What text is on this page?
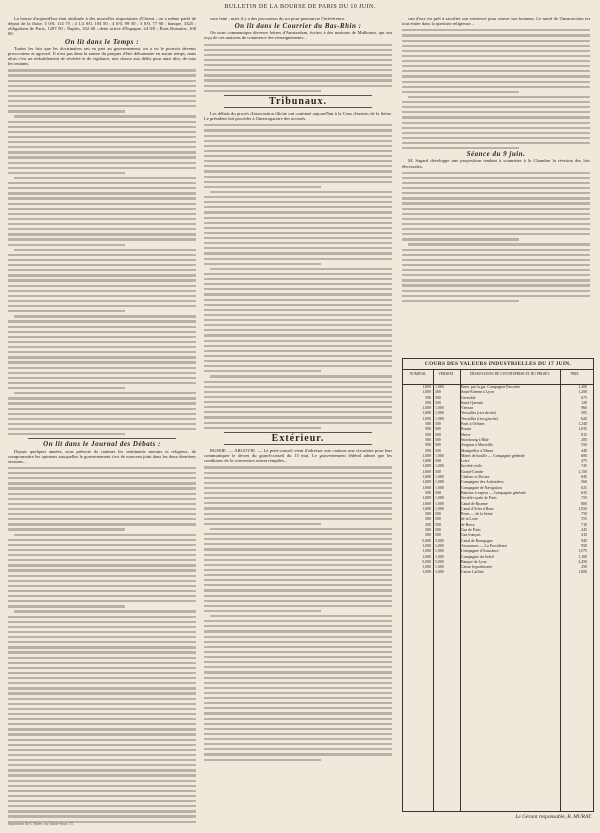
BULLETIN DE LA BOURSE DE PARIS DU 10 JUIN.

La baisse d'aujourd'hui était attribuée à des nouvelles importantes d'Orient ; on a même parlé de départ de la flotte. 5 0/0, 114 75 ; 4 1/2 0/0, 104 50 ; 4 0/0, 99 50 ; 3 0/0, 77 90 ; banque, 3325 ; obligations de Paris, 1297 50 ; Naples, 102 60 ; dette active d'Espagne, 24 0/0 ; États Romains, 100 00.

On lit dans le Temps :

Toutes les fois que les doctrinaires ont eu part au gouvernement, on a vu le pouvoir devenir provocateur et agressif. Il n'est pas dans la nature du parquet d'être débonnaire en aucun temps, mais alors c'est un redoublement de sévérité et de vigilance, une chasse aux délits pour ainsi dire, de tous les instants.

On lit dans le Journal des Débats :

Depuis quelques années, sous prétexte de ranimer les sentiments moraux et religieux, de compromettre les opinions auxquelles le gouvernement s'est de nouveau joint dans les deux dernières sessions...

cure faite ; mais il y a des procureurs du roi pour poursuivre l'irrévérence.

On lit dans le Courrier du Bas-Rhin :

On nous communique diverses lettres d'Amsterdam, écrites à des maisons de Mulhouse, qui ont reçu de ces maisons de commerce des renseignements...

Tribunaux.

Les débats du procès d'association illicite ont continué aujourd'hui à la Cour d'assises de la Seine. Le président fait procéder à l'interrogatoire des accusés.

Extérieur.

RUSSIE. — ARGOVIE. — Le petit-conseil vient d'adresser aux cantons une circulaire pour leur communiquer le décret du grand-conseil du 13 mai. Le gouvernement fédéral admet que les conditions de la convention seront remplies...

cun d'eux est prêt à sacrifier son existence pour sauver son honneur. Le motif de l'insurrection est tout entier dans la question religieuse...

Séance du 9 juin.

M. Sagard développe une proposition tendant à soumettre à la Chambre la révision des lois électorales.

COURS DES VALEURS INDUSTRIELLES DU 17 JUIN.
NOMINAL	VERSEM.	DÉSIGNATION DE L'ENTREPRISE ET DU PROJET.	PRIX.
1,000 1,000	Emis. par la gar. Compagnie Parroche	1,200
1,000 300	Saint-Etienne à Lyon	1,200
500 500	Grenoble	675
500 500	Saint-Quentin	120
1,000 1,000	Vierzon	960
1,000 1,000	Versailles (rive droite)	505
1,000 1,000	Versailles (rive gauche)	620
500 500	Paris à Orléans	1,240
500 500	Rouen	1,035
500 500	Havre	815
500 500	Strasbourg à Bâle	285
500 500	Avignon à Marseille	550
500 350	Montpellier à Nîmes	440
1,000 1,000	Mines de houille — Compagnie générale	600
1,000 500	Loire	475
1,000 1,000	Société civile	745
1,000 500	Grand-Combe	1,150
1,000 1,000	Chalons et Decize	845
1,000 1,000	Compagnie des Ardoisières	560
1,000 1,000	Compagnie de Navigation	625
500 500	Bateaux à vapeur — Compagnie générale	635
1,000 1,000	Société royale de Paris	755
1,000 1,000	Canal de Roanne	800
1,000 1,000	Canal d'Arles à Bouc	1,050
500 500	Ponts — de la Seine	750
500 500	de la Loire	555
500 500	de Bercy	710
500 500	Gaz de Paris	245
500 500	Gaz français	410
5,000 5,000	Canal de Bourgogne	945
1,000 1,000	Assurances — La Providence	950
1,000 1,000	Compagnie d'Assurance	1,075
1,000 1,000	Compagnie du Soleil	1,100
5,000 5,000	Banque de Lyon	2,450
1,000 1,000	Caisse hypothécaire	250
1,000 1,000	Caisse Laffitte	1,000
Le Gérant responsable, B. MURAT.
Imprimerie de E. Brière, rue Sainte-Anne, 55.
